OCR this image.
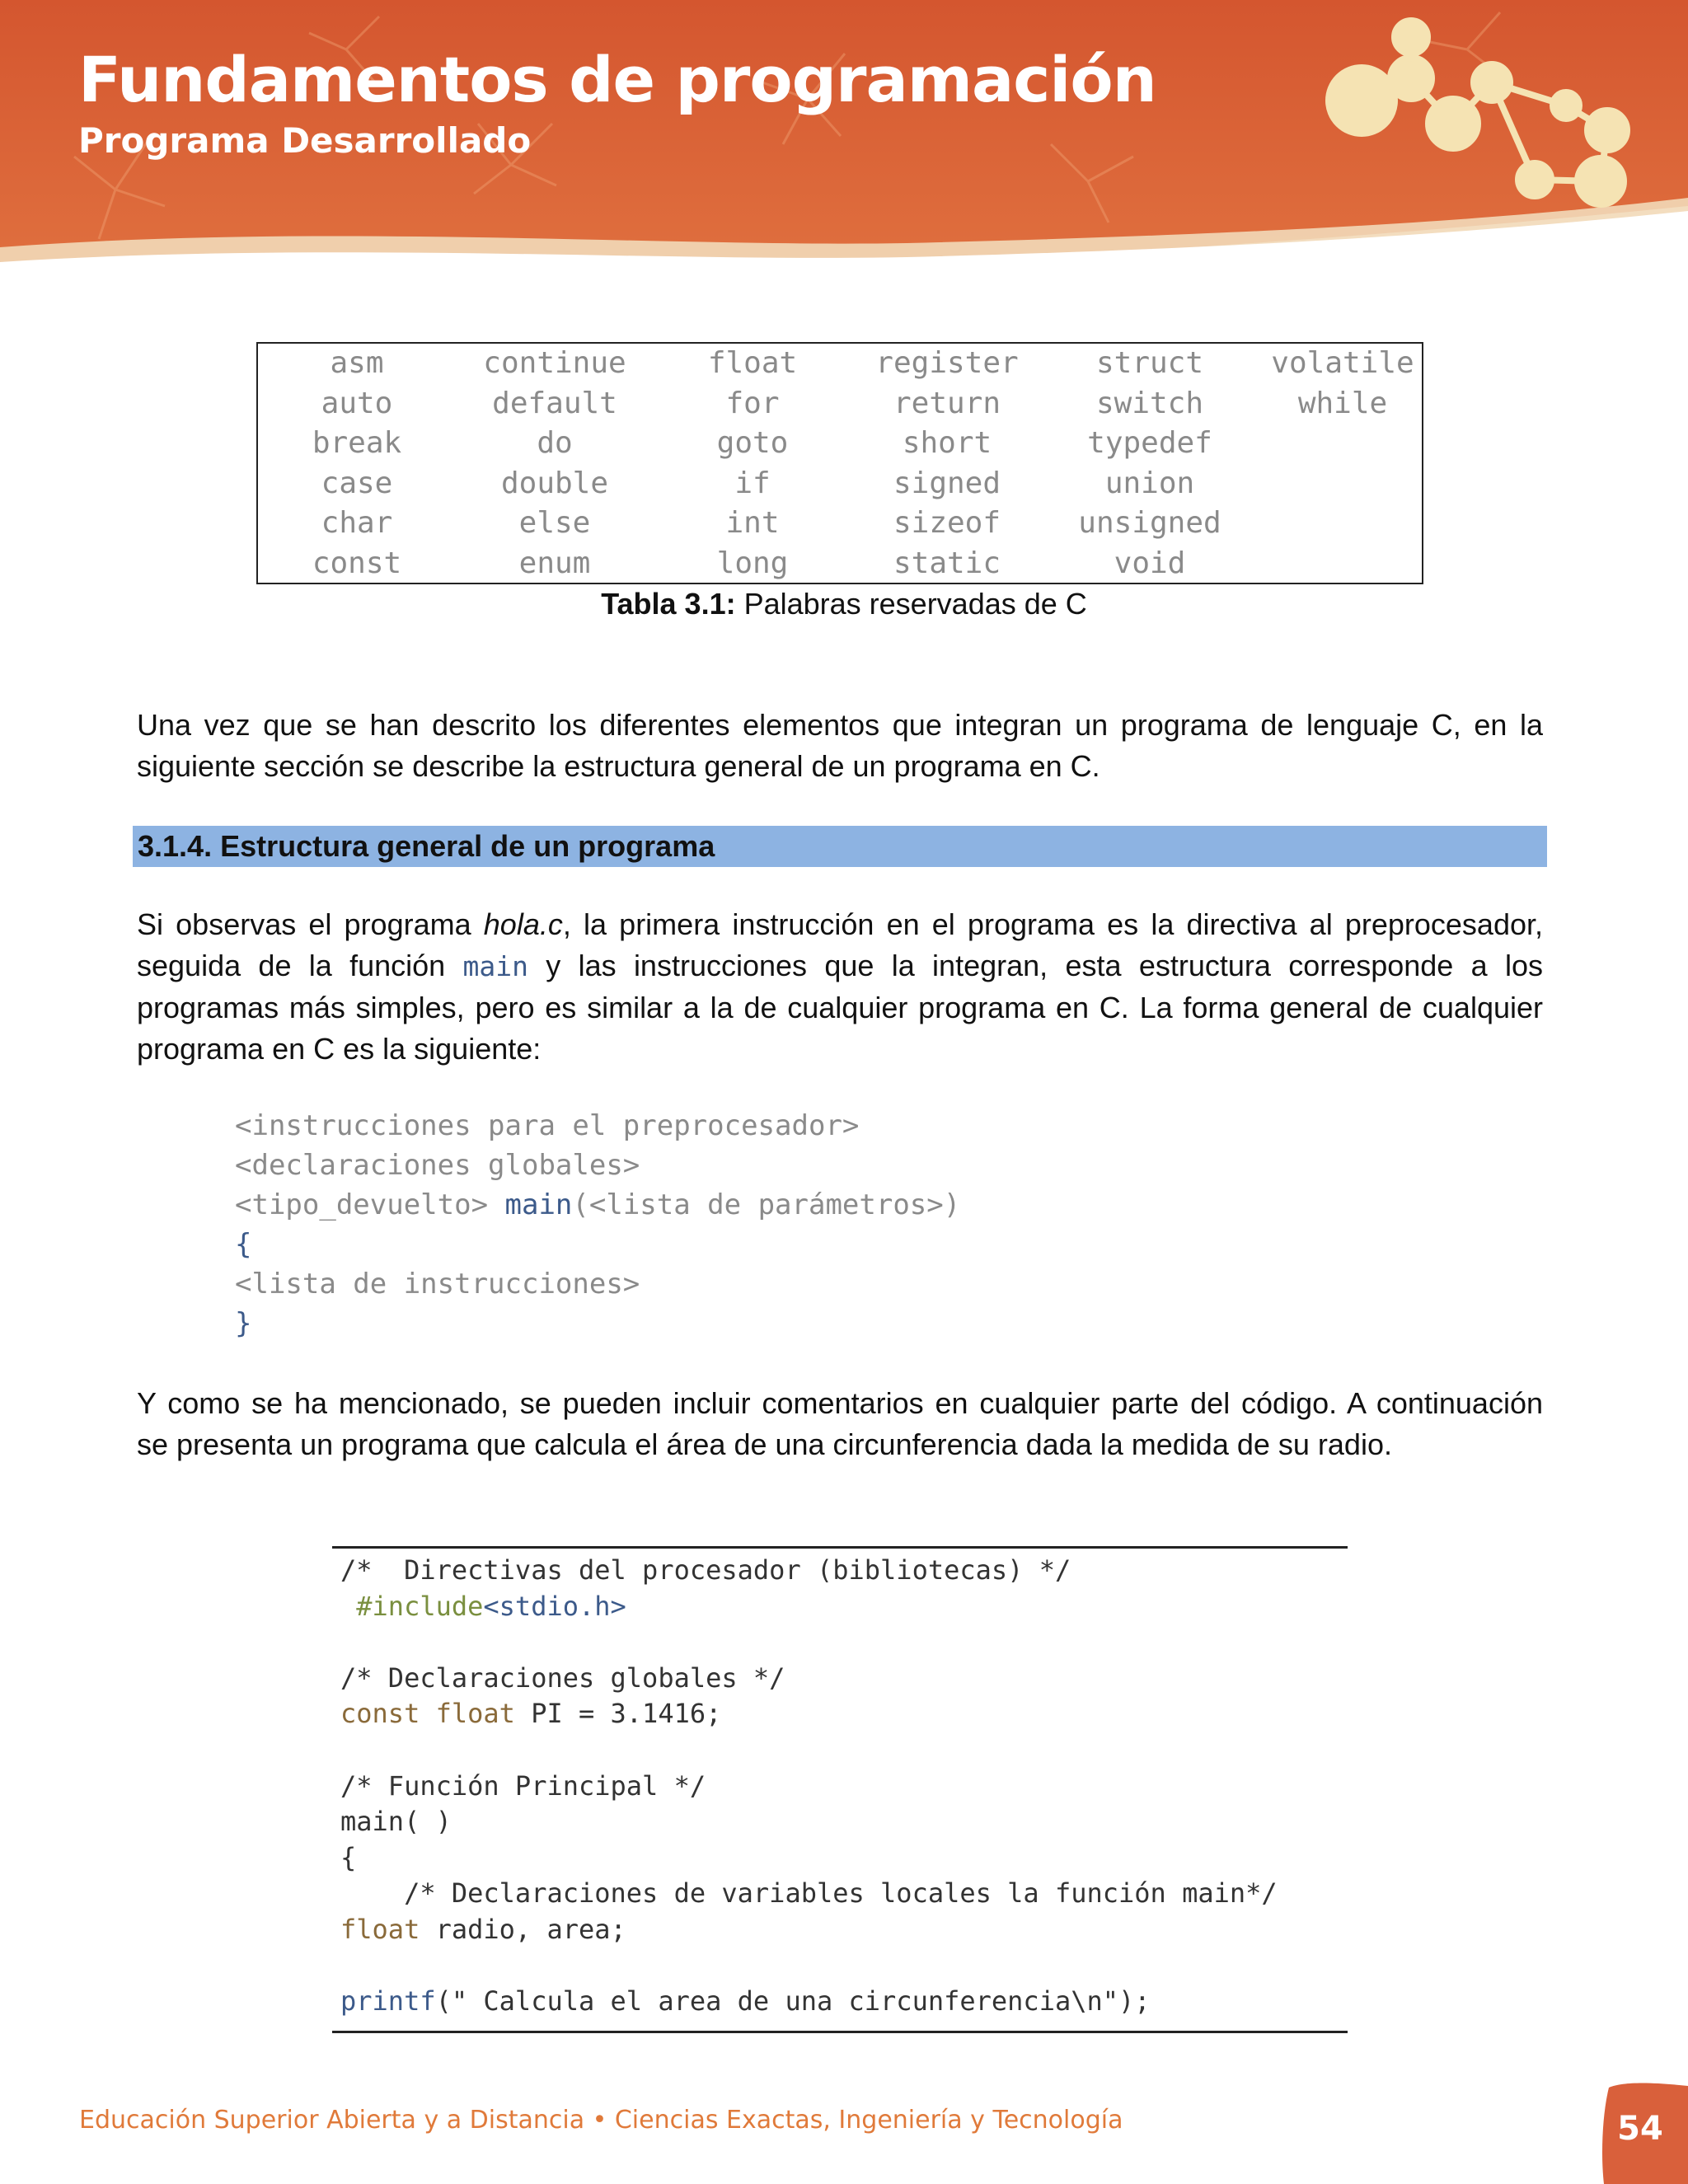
Fundamentos de programación
Programa Desarrollado
asm
auto
break
case
char
const
continue
default
do
double
else
enum
float
for
goto
if
int
long
register
return
short
signed
sizeof
static
struct
switch
typedef
union
unsigned
void
volatile
while
Tabla 3.1: Palabras reservadas de C

Una vez que se han descrito los diferentes elementos que integran un programa de lenguaje C, en la
siguiente sección se describe la estructura general de un programa en C.

3.1.4. Estructura general de un programa

Si observas el programa hola.c, la primera instrucción en el programa es la directiva al preprocesador,
seguida de la función main y las instrucciones que la integran, esta estructura corresponde a los
programas más simples, pero es similar a la de cualquier programa en C. La forma general de cualquier
programa en C es la siguiente:

<instrucciones para el preprocesador>
<declaraciones globales>
<tipo_devuelto> main(<lista de parámetros>)
{
<lista de instrucciones>
}

Y como se ha mencionado, se pueden incluir comentarios en cualquier parte del código. A continuación
se presenta un programa que calcula el área de una circunferencia dada la medida de su radio.

/*  Directivas del procesador (bibliotecas) */
#include<stdio.h>
/* Declaraciones globales */
const float PI = 3.1416;
/* Función Principal */
main( )
{
/* Declaraciones de variables locales la función main*/
float radio, area;
printf(" Calcula el area de una circunferencia\n");

Educación Superior Abierta y a Distancia • Ciencias Exactas, Ingeniería y Tecnología	54
